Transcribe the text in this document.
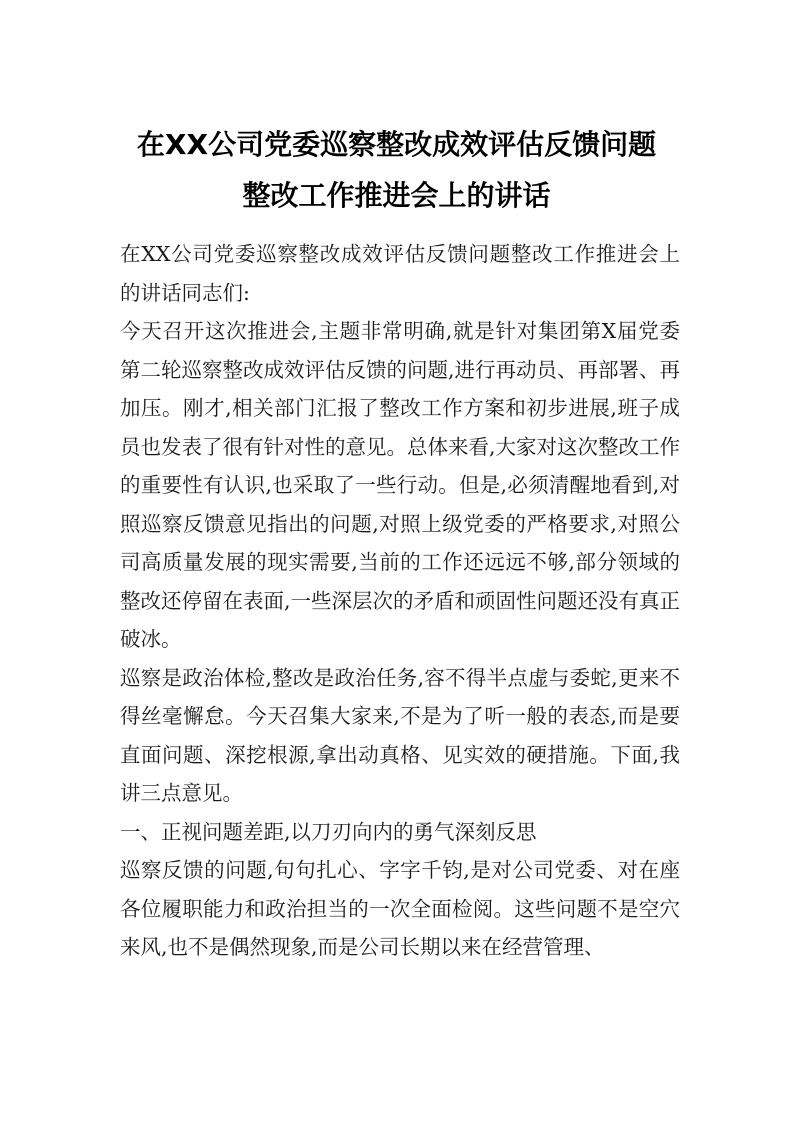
在XX公司党委巡察整改成效评估反馈问题
整改工作推进会上的讲话

在XX公司党委巡察整改成效评估反馈问题整改工作推进会上的讲话同志们:

今天召开这次推进会,主题非常明确,就是针对集团第X届党委第二轮巡察整改成效评估反馈的问题,进行再动员、再部署、再加压。刚才,相关部门汇报了整改工作方案和初步进展,班子成员也发表了很有针对性的意见。总体来看,大家对这次整改工作的重要性有认识,也采取了一些行动。但是,必须清醒地看到,对照巡察反馈意见指出的问题,对照上级党委的严格要求,对照公司高质量发展的现实需要,当前的工作还远远不够,部分领域的整改还停留在表面,一些深层次的矛盾和顽固性问题还没有真正破冰。

巡察是政治体检,整改是政治任务,容不得半点虚与委蛇,更来不得丝毫懈怠。今天召集大家来,不是为了听一般的表态,而是要直面问题、深挖根源,拿出动真格、见实效的硬措施。下面,我讲三点意见。

一、正视问题差距,以刀刃向内的勇气深刻反思

巡察反馈的问题,句句扎心、字字千钧,是对公司党委、对在座各位履职能力和政治担当的一次全面检阅。这些问题不是空穴来风,也不是偶然现象,而是公司长期以来在经营管理、
